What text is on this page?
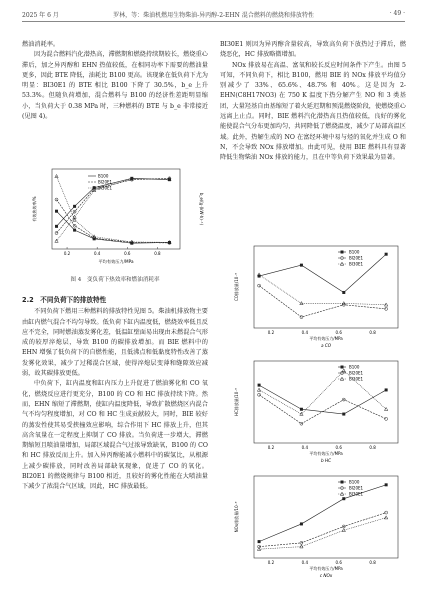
2025 年 6 月	罗林，等：柴油机燃用生物柴油-异丙醇-2-EHN 混合燃料的燃烧和排放特性	· 49 ·

燃油消耗率。

因为混合燃料汽化潜热高，滞燃期和燃烧持续期较长，燃烧重心滞后，加之异丙醇和 EHN 热值较低，在相同功率下需要的燃油量更多，因此 BTE 降低，油耗比 B100 更高。该现象在低负荷下尤为明显：BI30E1 的 BTE 相比 B100 下降了 30.5%，b_e 上升 53.3%。但随负荷增加，混合燃料与 B100 的经济性差距明显缩小，当负荷大于 0.38 MPa 时，三种燃料的 BTE 与 b_e 非常接近(见图 4)。

有效热效率/%	b_e/(g·(kW·h)⁻¹)
0.2	0.4	0.6	0.8
平均有效压力/MPa
B100
BI20E1
BI30E1
图 4　变负荷下热效率和燃油消耗率

2.2　不同负荷下的排放特性

不同负荷下燃用三种燃料的排放特性见图 5。柴油机排放物主要由缸内燃气混合不均匀导致。低负荷下缸内温度低，燃烧效率低且反应不完全，同时燃油蒸发雾化差，低温缸壁面易出现由未燃混合气形成的较厚淬熄层，导致 B100 的碳排放增加。而 BIE 燃料中的 EHN 增强了低负荷下的自燃性能，且低沸点和低黏度特性改善了蒸发雾化效果，减少了过稀混合区域，使得淬熄层变薄和缝隙效应减弱，故其碳排放更低。

中负荷下，缸内温度和缸内压力上升促进了燃油雾化和 CO 氧化，燃烧反应进行更充分，B100 的 CO 和 HC 排放持续下降。然而，EHN 缩短了滞燃期，使缸内温度降低，导致扩散燃烧区内混合气不均匀程度增加，对 CO 和 HC 生成贡献较大，同时，BIE 较好的蒸发性使其易受挟撞效应影响，综合作用下 HC 排放上升，但其高含氧量在一定程度上抑制了 CO 排放。当负荷进一步增大，滞燃期缩短且喷油量增加，局部区域混合气过浓导致缺氧，B100 的 CO 和 HC 排放反而上升。加入异丙醇能减小燃料中的碳氢比，从根源上减少碳排放，同时改善局部缺氧现象，促进了 CO 的氧化。BI20E1 的燃烧规律与 B100 相近，且较好的雾化性能在大喷油量下减少了浓混合气区域，因此，HC 排放最低。

BI30E1 则因为异丙醇含量较高，导致高负荷下放热过于滞后，燃烧恶化，HC 排放略微增加。

NOx 排放易在高温、富氧和较长反应时间条件下产生。由图 5 可知，不同负荷下，相比 B100，燃用 BIE 的 NOx 排放平均值分别减少了 33%、65.6%、48.7% 和 40%。这是因为 2-EHN(C8H17NO3) 在 750 K 温度下热分解产生 NO 和 3 类基团，大量羟基自由基缩短了着火延迟期和预混燃烧阶段，使燃烧重心远离上止点。同时，BIE 燃料汽化潜热高且热值较低，良好的雾化能使混合气分布更加均匀，共同降低了燃烧温度，减少了局部高温区域。此外，热解生成的 NO 在富经环境中易与烃的氧化并生成 O 和 N，不会导致 NOx 排放增加。由此可见，使用 BIE 燃料具有显著降低生物柴油 NOx 排放的能力，且在中等负荷下效果最为显著。

0.2	0.4	0.6	0.8
平均有效压力/MPa
CO排放量/10⁻⁶
a CO
B100
BI20E1
BI30E1
0.2	0.4	0.6	0.8
平均有效压力/MPa
HC排放量/10⁻⁶
b HC
B100
BI20E1
BI30E1
0.2	0.4	0.6	0.8
平均有效压力/MPa
NOx排放量/10⁻⁶
c NOx
B100
BI20E1
BI30E1
